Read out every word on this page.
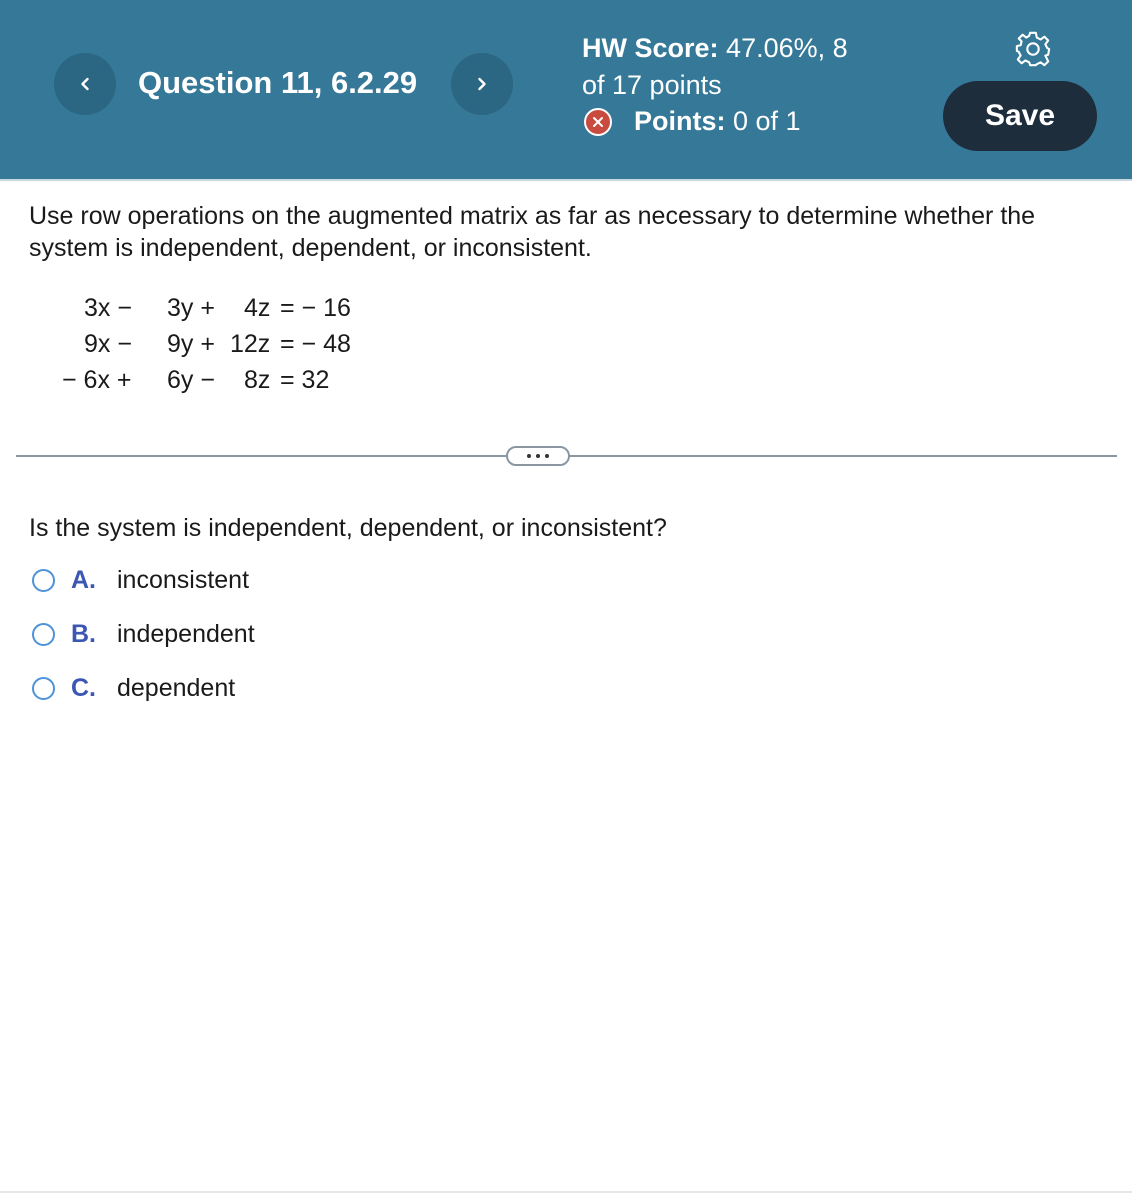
Question 11, 6.2.29
HW Score: 47.06%, 8
of 17 points
Points:
0 of 1	Save
Use row operations on the augmented matrix as far as necessary to determine whether the system is independent, dependent, or inconsistent.
3x − 3y + 4z = − 16
9x − 9y + 12z = − 48
− 6x + 6y − 8z = 32
Is the system is independent, dependent, or inconsistent?
A. inconsistent
B. independent
C. dependent
